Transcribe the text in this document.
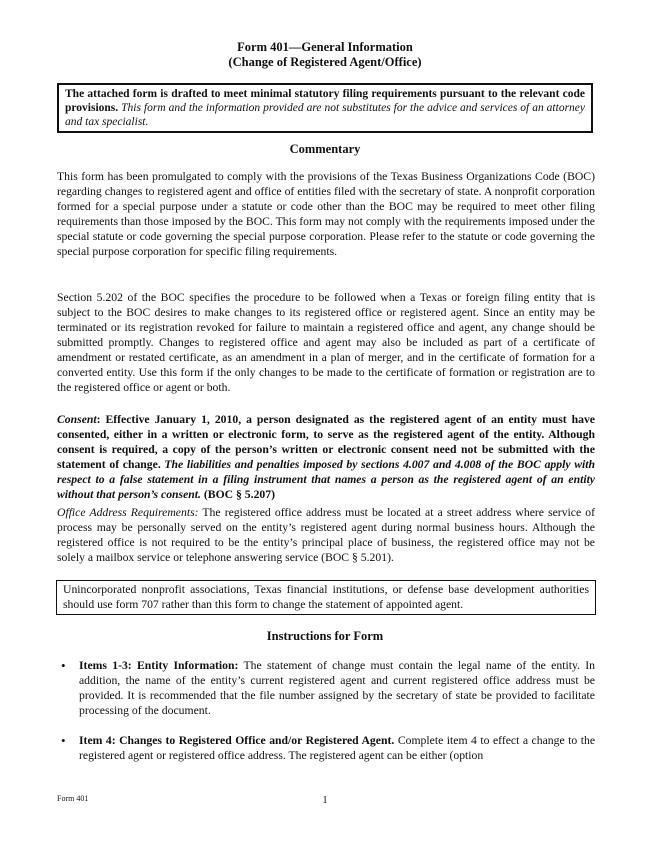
Form 401—General Information
(Change of Registered Agent/Office)
The attached form is drafted to meet minimal statutory filing requirements pursuant to the relevant code provisions. This form and the information provided are not substitutes for the advice and services of an attorney and tax specialist.
Commentary

This form has been promulgated to comply with the provisions of the Texas Business Organizations Code (BOC) regarding changes to registered agent and office of entities filed with the secretary of state. A nonprofit corporation formed for a special purpose under a statute or code other than the BOC may be required to meet other filing requirements than those imposed by the BOC. This form may not comply with the requirements imposed under the special statute or code governing the special purpose corporation. Please refer to the statute or code governing the special purpose corporation for specific filing requirements.

Section 5.202 of the BOC specifies the procedure to be followed when a Texas or foreign filing entity that is subject to the BOC desires to make changes to its registered office or registered agent. Since an entity may be terminated or its registration revoked for failure to maintain a registered office and agent, any change should be submitted promptly. Changes to registered office and agent may also be included as part of a certificate of amendment or restated certificate, as an amendment in a plan of merger, and in the certificate of formation for a converted entity. Use this form if the only changes to be made to the certificate of formation or registration are to the registered office or agent or both.

Consent: Effective January 1, 2010, a person designated as the registered agent of an entity must have consented, either in a written or electronic form, to serve as the registered agent of the entity. Although consent is required, a copy of the person’s written or electronic consent need not be submitted with the statement of change. The liabilities and penalties imposed by sections 4.007 and 4.008 of the BOC apply with respect to a false statement in a filing instrument that names a person as the registered agent of an entity without that person’s consent. (BOC § 5.207)

Office Address Requirements: The registered office address must be located at a street address where service of process may be personally served on the entity’s registered agent during normal business hours. Although the registered office is not required to be the entity’s principal place of business, the registered office may not be solely a mailbox service or telephone answering service (BOC § 5.201).

Unincorporated nonprofit associations, Texas financial institutions, or defense base development authorities should use form 707 rather than this form to change the statement of appointed agent.
Instructions for Form
• Items 1-3: Entity Information: The statement of change must contain the legal name of the entity. In addition, the name of the entity’s current registered agent and current registered office address must be provided. It is recommended that the file number assigned by the secretary of state be provided to facilitate processing of the document.
• Item 4: Changes to Registered Office and/or Registered Agent. Complete item 4 to effect a change to the registered agent or registered office address. The registered agent can be either (option
Form 401	1
